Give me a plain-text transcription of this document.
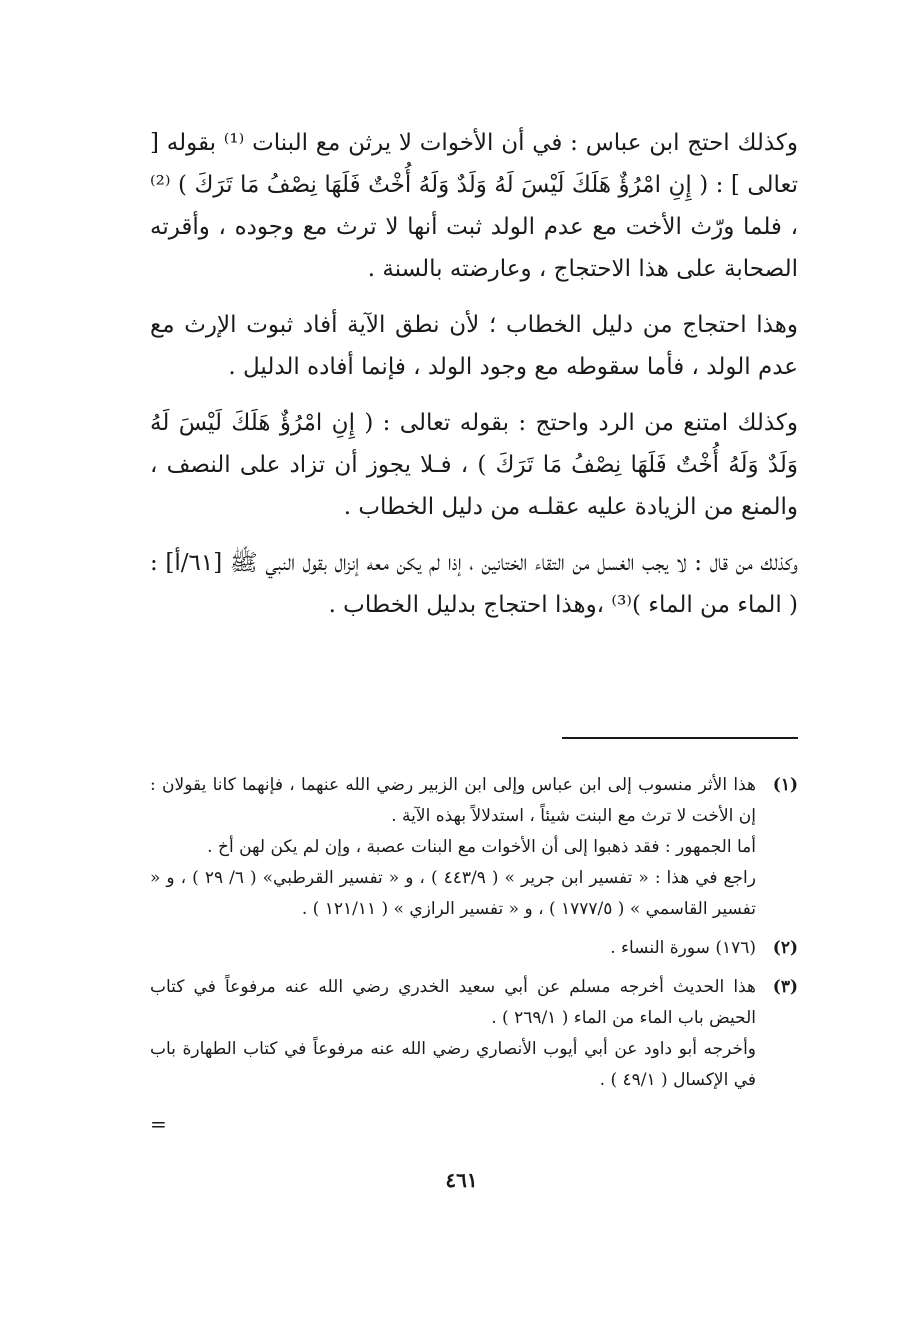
وكذلك احتج ابن عباس : في أن الأخوات لا يرثن مع البنات ⁽¹⁾ بقوله [ تعالى ] : ( إِنِ امْرُؤٌ هَلَكَ لَيْسَ لَهُ وَلَدٌ وَلَهُ أُخْتٌ فَلَهَا نِصْفُ مَا تَرَكَ ) ⁽²⁾ ، فلما ورّث الأخت مع عدم الولد ثبت أنها لا ترث مع وجوده ، وأقرته الصحابة على هذا الاحتجاج ، وعارضته بالسنة .

وهذا احتجاج من دليل الخطاب ؛ لأن نطق الآية أفاد ثبوت الإرث مع عدم الولد ، فأما سقوطه مع وجود الولد ، فإنما أفاده الدليل .

وكذلك امتنع من الرد واحتج : بقوله تعالى : ( إِنِ امْرُؤٌ هَلَكَ لَيْسَ لَهُ وَلَدٌ وَلَهُ أُخْتٌ فَلَهَا نِصْفُ مَا تَرَكَ ) ، فـلا يجوز أن تزاد على النصف ، والمنع من الزيادة عليه عقلـه من دليل الخطاب .

وكذلك من قال : لا يجب الغسل من التقاء الختانين ، إذا لم يكن معه إنزال بقول النبي ﷺ [٦١/أ] : ( الماء من الماء )⁽³⁾ ،وهذا احتجاج بدليل الخطاب .

(١)

هذا الأثر منسوب إلى ابن عباس وإلى ابن الزبير رضي الله عنهما ، فإنهما كانا يقولان : إن الأخت لا ترث مع البنت شيئاً ، استدلالاً بهذه الآية .

أما الجمهور : فقد ذهبوا إلى أن الأخوات مع البنات عصبة ، وإن لم يكن لهن أخ .

راجع في هذا : « تفسير ابن جرير » ( ٤٤٣/٩ ) ، و « تفسير القرطبي» ( ٦/ ٢٩ ) ، و « تفسير القاسمي » ( ١٧٧٧/٥ ) ، و « تفسير الرازي » ( ١٢١/١١ ) .

(٢)

(١٧٦) سورة النساء .

(٣)

هذا الحديث أخرجه مسلم عن أبي سعيد الخدري رضي الله عنه مرفوعاً في كتاب الحيض باب الماء من الماء ( ٢٦٩/١ ) .

وأخرجه أبو داود عن أبي أيوب الأنصاري رضي الله عنه مرفوعاً في كتاب الطهارة باب في الإكسال ( ٤٩/١ ) .

=
٤٦١
